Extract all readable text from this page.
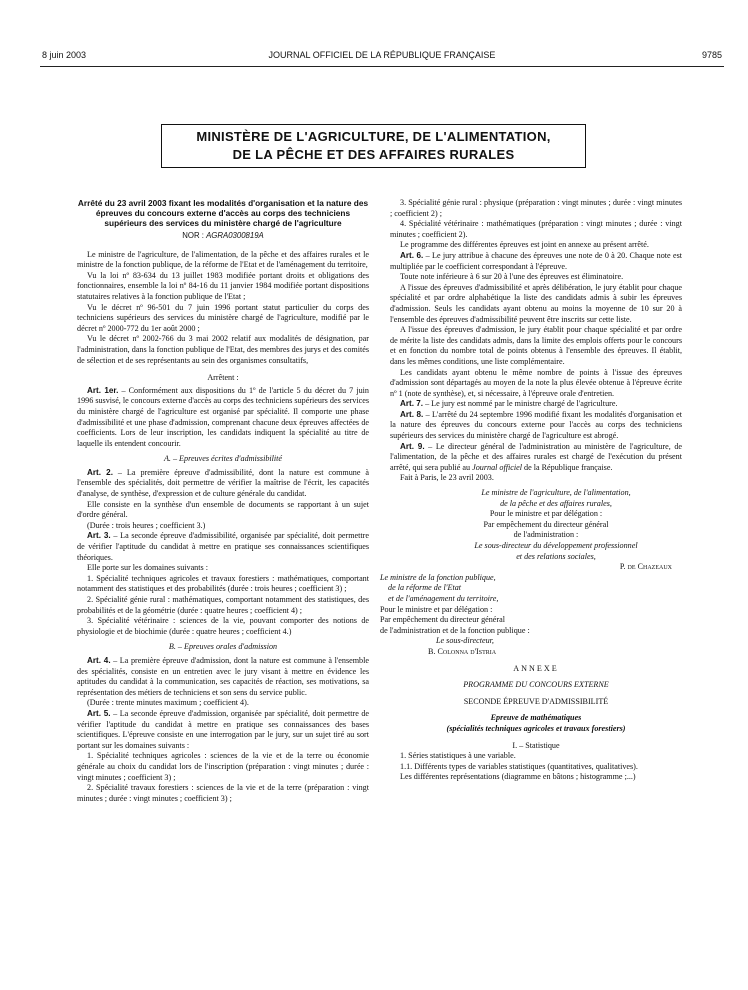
8 juin 2003	JOURNAL OFFICIEL DE LA RÉPUBLIQUE FRANÇAISE	9785
MINISTÈRE DE L'AGRICULTURE, DE L'ALIMENTATION,
DE LA PÊCHE ET DES AFFAIRES RURALES

Arrêté du 23 avril 2003 fixant les modalités d'organisation et la nature des épreuves du concours externe d'accès au corps des techniciens supérieurs des services du ministère chargé de l'agriculture

NOR : AGRA0300819A

Le ministre de l'agriculture, de l'alimentation, de la pêche et des affaires rurales et le ministre de la fonction publique, de la réforme de l'Etat et de l'aménagement du territoire,

Vu la loi nº 83-634 du 13 juillet 1983 modifiée portant droits et obligations des fonctionnaires, ensemble la loi nº 84-16 du 11 janvier 1984 modifiée portant dispositions statutaires relatives à la fonction publique de l'Etat ;

Vu le décret nº 96-501 du 7 juin 1996 portant statut particulier du corps des techniciens supérieurs des services du ministère chargé de l'agriculture, modifié par le décret nº 2000-772 du 1er août 2000 ;

Vu le décret nº 2002-766 du 3 mai 2002 relatif aux modalités de désignation, par l'administration, dans la fonction publique de l'Etat, des membres des jurys et des comités de sélection et de ses représentants au sein des organismes consultatifs,

Arrêtent :

Art. 1er. – Conformément aux dispositions du 1º de l'article 5 du décret du 7 juin 1996 susvisé, le concours externe d'accès au corps des techniciens supérieurs des services du ministère chargé de l'agriculture est organisé par spécialité. Il comporte une phase d'admissibilité et une phase d'admission, comprenant chacune deux épreuves affectées de coefficients. Lors de leur inscription, les candidats indiquent la spécialité au titre de laquelle ils entendent concourir.

A. – Epreuves écrites d'admissibilité

Art. 2. – La première épreuve d'admissibilité, dont la nature est commune à l'ensemble des spécialités, doit permettre de vérifier la maîtrise de l'écrit, les capacités d'analyse, de synthèse, d'expression et de culture générale du candidat.

Elle consiste en la synthèse d'un ensemble de documents se rapportant à un sujet d'ordre général.

(Durée : trois heures ; coefficient 3.)

Art. 3. – La seconde épreuve d'admissibilité, organisée par spécialité, doit permettre de vérifier l'aptitude du candidat à mettre en pratique ses connaissances scientifiques théoriques.

Elle porte sur les domaines suivants :

1. Spécialité techniques agricoles et travaux forestiers : mathématiques, comportant notamment des statistiques et des probabilités (durée : trois heures ; coefficient 3) ;

2. Spécialité génie rural : mathématiques, comportant notamment des statistiques, des probabilités et de la géométrie (durée : quatre heures ; coefficient 4) ;

3. Spécialité vétérinaire : sciences de la vie, pouvant comporter des notions de physiologie et de biochimie (durée : quatre heures ; coefficient 4.)

B. – Epreuves orales d'admission

Art. 4. – La première épreuve d'admission, dont la nature est commune à l'ensemble des spécialités, consiste en un entretien avec le jury visant à mettre en évidence les aptitudes du candidat à la communication, ses capacités de réaction, ses motivations, sa représentation des métiers de techniciens et son sens du service public.

(Durée : trente minutes maximum ; coefficient 4).

Art. 5. – La seconde épreuve d'admission, organisée par spécialité, doit permettre de vérifier l'aptitude du candidat à mettre en pratique ses connaissances des bases scientifiques. L'épreuve consiste en une interrogation par le jury, sur un sujet tiré au sort portant sur les domaines suivants :

1. Spécialité techniques agricoles : sciences de la vie et de la terre ou économie générale au choix du candidat lors de l'inscription (préparation : vingt minutes ; durée : vingt minutes ; coefficient 3) ;

2. Spécialité travaux forestiers : sciences de la vie et de la terre (préparation : vingt minutes ; durée : vingt minutes ; coefficient 3) ;

3. Spécialité génie rural : physique (préparation : vingt minutes ; durée : vingt minutes ; coefficient 2) ;

4. Spécialité vétérinaire : mathématiques (préparation : vingt minutes ; durée : vingt minutes ; coefficient 2).

Le programme des différentes épreuves est joint en annexe au présent arrêté.

Art. 6. – Le jury attribue à chacune des épreuves une note de 0 à 20. Chaque note est multipliée par le coefficient correspondant à l'épreuve.

Toute note inférieure à 6 sur 20 à l'une des épreuves est éliminatoire.

A l'issue des épreuves d'admissibilité et après délibération, le jury établit pour chaque spécialité et par ordre alphabétique la liste des candidats admis à subir les épreuves d'admission. Seuls les candidats ayant obtenu au moins la moyenne de 10 sur 20 à l'ensemble des épreuves d'admissibilité peuvent être inscrits sur cette liste.

A l'issue des épreuves d'admission, le jury établit pour chaque spécialité et par ordre de mérite la liste des candidats admis, dans la limite des emplois offerts pour le concours et en fonction du nombre total de points obtenus à l'ensemble des épreuves. Il établit, dans les mêmes conditions, une liste complémentaire.

Les candidats ayant obtenu le même nombre de points à l'issue des épreuves d'admission sont départagés au moyen de la note la plus élevée obtenue à l'épreuve écrite nº 1 (note de synthèse), et, si nécessaire, à l'épreuve orale d'entretien.

Art. 7. – Le jury est nommé par le ministre chargé de l'agriculture.

Art. 8. – L'arrêté du 24 septembre 1996 modifié fixant les modalités d'organisation et la nature des épreuves du concours externe pour l'accès au corps des techniciens supérieurs des services du ministère chargé de l'agriculture est abrogé.

Art. 9. – Le directeur général de l'administration au ministère de l'agriculture, de l'alimentation, de la pêche et des affaires rurales est chargé de l'exécution du présent arrêté, qui sera publié au Journal officiel de la République française.

Fait à Paris, le 23 avril 2003.

Le ministre de l'agriculture, de l'alimentation,
de la pêche et des affaires rurales,
Pour le ministre et par délégation :
Par empêchement du directeur général
de l'administration :
Le sous-directeur du développement professionnel
et des relations sociales,
P. de Chazeaux
Le ministre de la fonction publique,
de la réforme de l'Etat
et de l'aménagement du territoire,
Pour le ministre et par délégation :
Par empêchement du directeur général
de l'administration et de la fonction publique :
Le sous-directeur,
B. Colonna d'Istria

ANNEXE

PROGRAMME DU CONCOURS EXTERNE

SECONDE ÉPREUVE D'ADMISSIBILITÉ

Epreuve de mathématiques

(spécialités techniques agricoles et travaux forestiers)

I. – Statistique

1. Séries statistiques à une variable.

1.1. Différents types de variables statistiques (quantitatives, qualitatives).

Les différentes représentations (diagramme en bâtons ; histogramme ;...)
